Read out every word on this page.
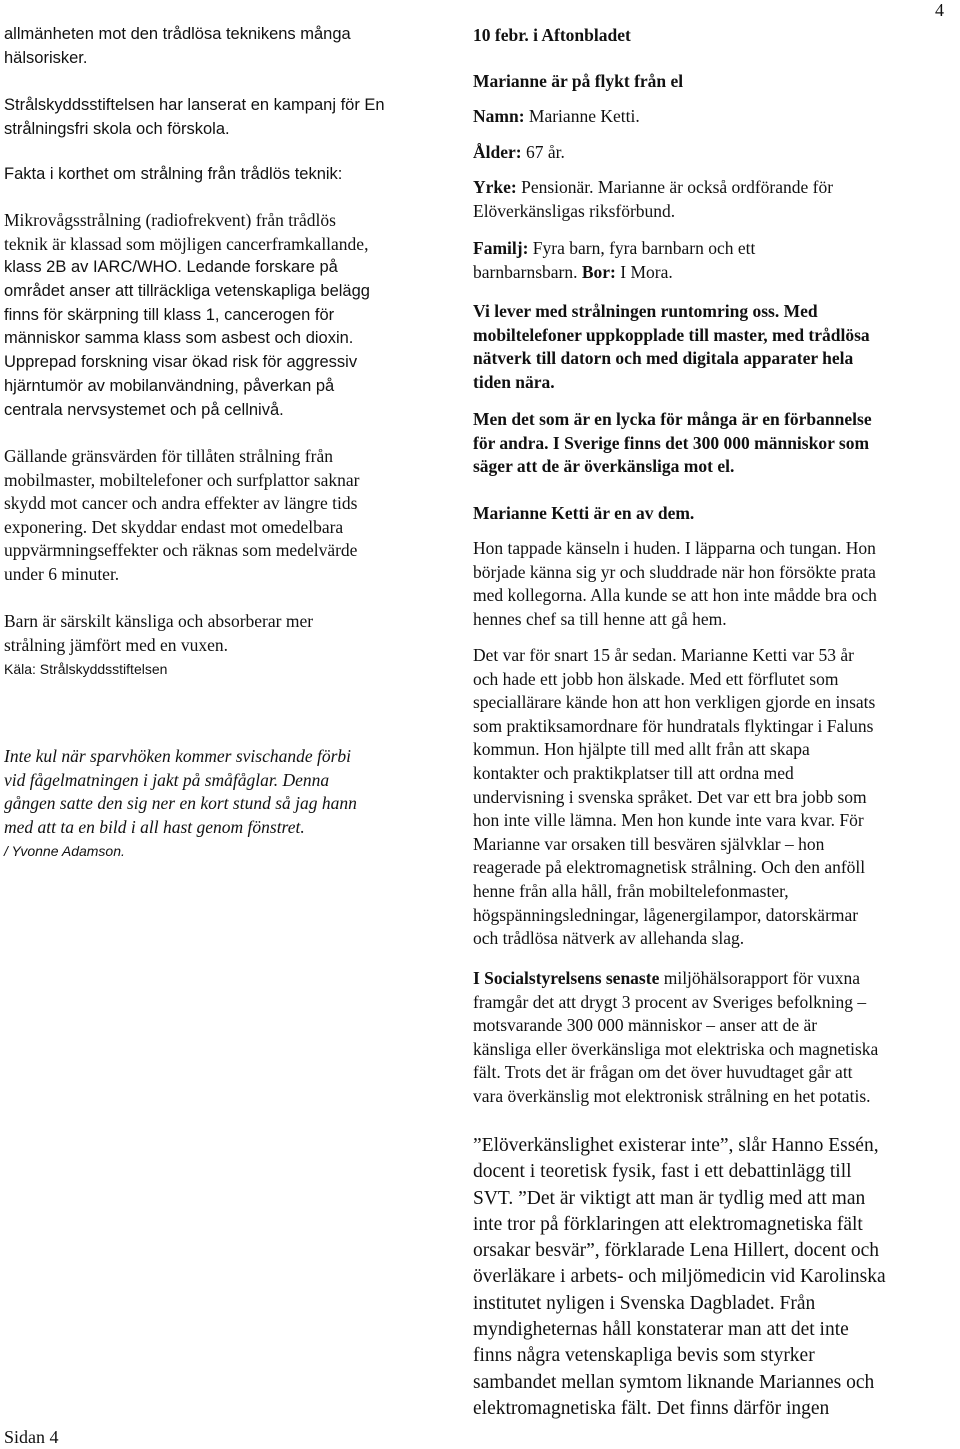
4

allmänheten mot den trådlösa teknikens många
hälsorisker.

Strålskyddsstiftelsen har lanserat en kampanj för En
strålningsfri skola och förskola.

Fakta i korthet om strålning från trådlös teknik:

Mikrovågsstrålning (radiofrekvent) från trådlös
teknik är klassad som möjligen cancerframkallande,

klass 2B av IARC/WHO. Ledande forskare på
området anser att tillräckliga vetenskapliga belägg
finns för skärpning till klass 1, cancerogen för
människor samma klass som asbest och dioxin.
Upprepad forskning visar ökad risk för aggressiv
hjärntumör av mobilanvändning, påverkan på
centrala nervsystemet och på cellnivå.

Gällande gränsvärden för tillåten strålning från
mobilmaster, mobiltelefoner och surfplattor saknar
skydd mot cancer och andra effekter av längre tids
exponering. Det skyddar endast mot omedelbara
uppvärmningseffekter och räknas som medelvärde
under 6 minuter.

Barn är särskilt känsliga och absorberar mer
strålning jämfört med en vuxen.

Käla: Strålskyddsstiftelsen

Inte kul när sparvhöken kommer svischande förbi
vid fågelmatningen i jakt på småfåglar. Denna
gången satte den sig ner en kort stund så jag hann
med att ta en bild i all hast genom fönstret.

/ Yvonne Adamson.

10 febr. i Aftonbladet

Marianne är på flykt från el

Namn: Marianne Ketti.

Ålder: 67 år.

Yrke: Pensionär. Marianne är också ordförande för
Elöverkänsligas riksförbund.

Familj: Fyra barn, fyra barnbarn och ett
barnbarnsbarn. Bor: I Mora.

Vi lever med strålningen runtomring oss. Med
mobiltelefoner uppkopplade till master, med trådlösa
nätverk till datorn och med digitala apparater hela
tiden nära.

Men det som är en lycka för många är en förbannelse
för andra. I Sverige finns det 300 000 människor som
säger att de är överkänsliga mot el.

Marianne Ketti är en av dem.

Hon tappade känseln i huden. I läpparna och tungan. Hon
började känna sig yr och sluddrade när hon försökte prata
med kollegorna. Alla kunde se att hon inte mådde bra och
hennes chef sa till henne att gå hem.

Det var för snart 15 år sedan. Marianne Ketti var 53 år
och hade ett jobb hon älskade. Med ett förflutet som
speciallärare kände hon att hon verkligen gjorde en insats
som praktiksamordnare för hundratals flyktingar i Faluns
kommun. Hon hjälpte till med allt från att skapa
kontakter och praktikplatser till att ordna med
undervisning i svenska språket. Det var ett bra jobb som
hon inte ville lämna. Men hon kunde inte vara kvar. För
Marianne var orsaken till besvären självklar – hon
reagerade på elektromagnetisk strålning. Och den anföll
henne från alla håll, från mobiltelefonmaster,
högspänningsledningar, lågenergilampor, datorskärmar
och trådlösa nätverk av allehanda slag.

I Socialstyrelsens senaste miljöhälsorapport för vuxna
framgår det att drygt 3 procent av Sveriges befolkning –
motsvarande 300 000 människor – anser att de är
känsliga eller överkänsliga mot elektriska och magnetiska
fält. Trots det är frågan om det över huvudtaget går att
vara överkänslig mot elektronisk strålning en het potatis.

”Elöverkänslighet existerar inte”, slår Hanno Essén,
docent i teoretisk fysik, fast i ett debattinlägg till
SVT. ”Det är viktigt att man är tydlig med att man
inte tror på förklaringen att elektromagnetiska fält
orsakar besvär”, förklarade Lena Hillert, docent och
överläkare i arbets- och miljömedicin vid Karolinska
institutet nyligen i Svenska Dagbladet. Från
myndigheternas håll konstaterar man att det inte
finns några vetenskapliga bevis som styrker
sambandet mellan symtom liknande Mariannes och
elektromagnetiska fält. Det finns därför ingen

Sidan 4
